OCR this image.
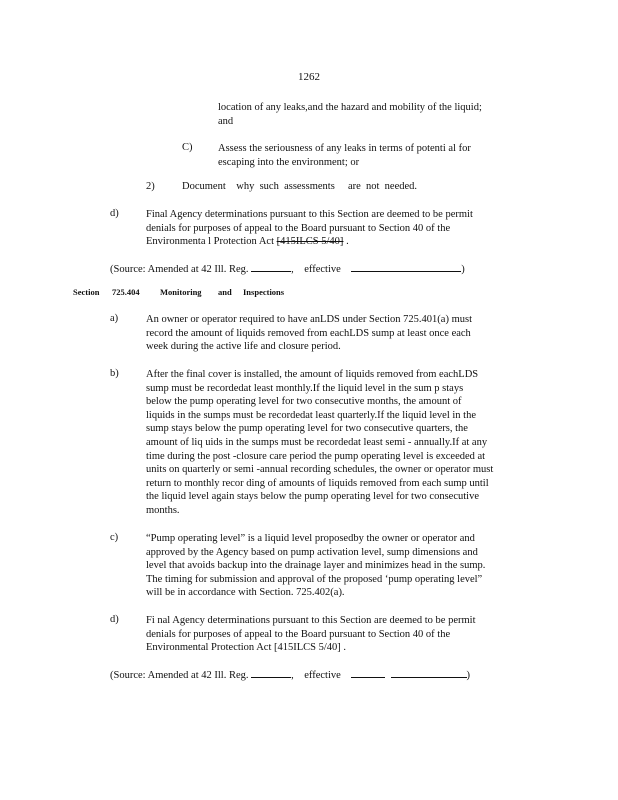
1262
location of any leaks,and the hazard and mobility of the liquid;
and
C) Assess the seriousness of any leaks in terms of potenti al for
escaping into the environment; or
2)	Document    why  such  assessments     are  not  needed.
d)	Final Agency determinations pursuant to this Section are deemed to be permit
denials for purposes of appeal to the Board pursuant to Section 40 of the
Environmenta l Protection Act [415ILCS 5/40] .
(Source: Amended at 42 Ill. Reg.	, effective	)
Section 725.404 Monitoring and Inspections
a)	An owner or operator required to have anLDS under Section 725.401(a) must
record the amount of liquids removed from eachLDS sump at least once each
week during the active life and closure period.
b)	After the final cover is installed, the amount of liquids removed from eachLDS
sump must be recordedat least monthly.If the liquid level in the sum p stays
below the pump operating level for two consecutive months, the amount of
liquids in the sumps must be recordedat least quarterly.If the liquid level in the
sump stays below the pump operating level for two consecutive quarters, the
amount of liq uids in the sumps must be recordedat least semi - annually.If at any
time during the post -closure care period the pump operating level is exceeded at
units on quarterly or semi -annual recording schedules, the owner or operator must
return to monthly recor ding of amounts of liquids removed from each sump until
the liquid level again stays below the pump operating level for two consecutive
months.
c)	“Pump operating level” is a liquid level proposedby the owner or operator and
approved by the Agency based on pump activation level, sump dimensions and
level that avoids backup into the drainage layer and minimizes head in the sump.
The timing for submission and approval of the proposed ‘pump operating level”
will be in accordance with Section. 725.402(a).
d)	Fi nal Agency determinations pursuant to this Section are deemed to be permit
denials for purposes of appeal to the Board pursuant to Section 40 of the
Environmental Protection Act [415ILCS 5/40] .
(Source: Amended at 42 Ill. Reg.	, effective	)
